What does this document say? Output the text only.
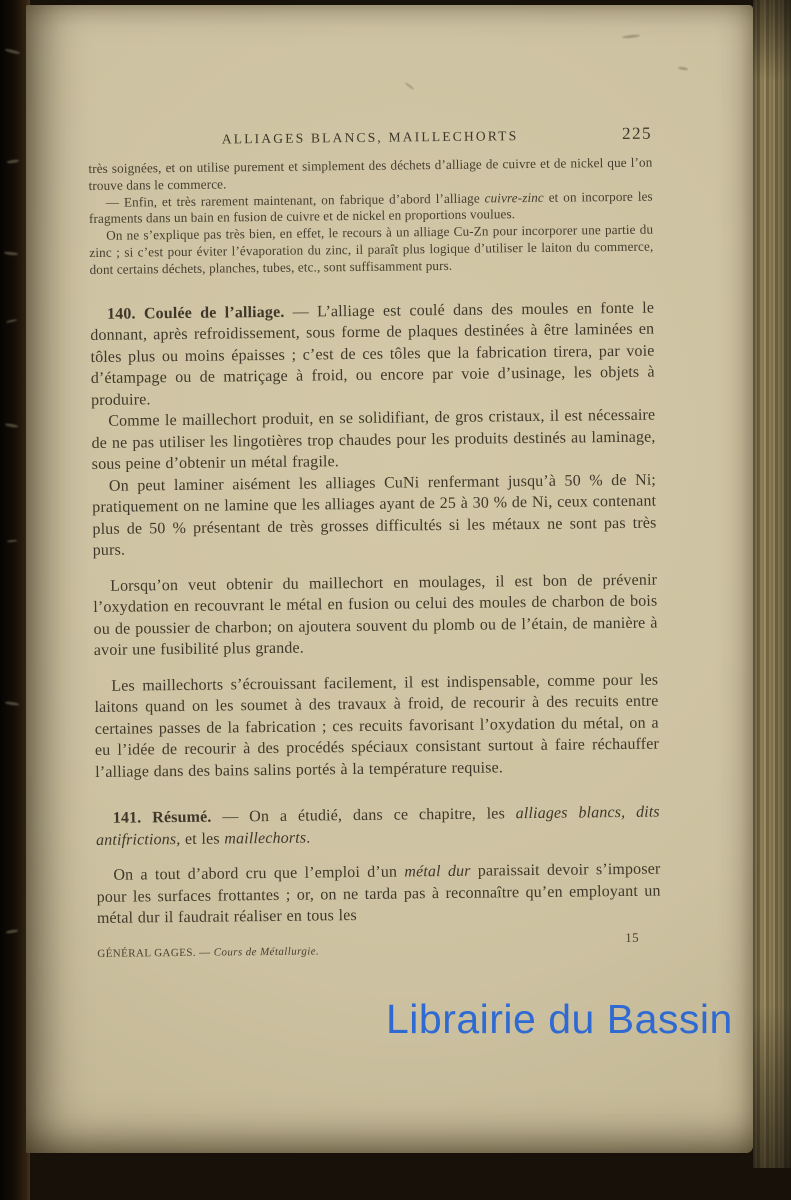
ALLIAGES BLANCS, MAILLECHORTS	225

très soignées, et on utilise purement et simplement des déchets d’alliage de cuivre et de nickel que l’on trouve dans le commerce.

— Enfin, et très rarement maintenant, on fabrique d’abord l’alliage cuivre-zinc et on incorpore les fragments dans un bain en fusion de cuivre et de nickel en proportions voulues.

On ne s’explique pas très bien, en effet, le recours à un alliage Cu-Zn pour incorporer une partie du zinc ; si c’est pour éviter l’évaporation du zinc, il paraît plus logique d’utiliser le laiton du commerce, dont certains déchets, planches, tubes, etc., sont suffisamment purs.

140. Coulée de l’alliage. — L’alliage est coulé dans des moules en fonte le donnant, après refroidissement, sous forme de plaques destinées à être laminées en tôles plus ou moins épaisses ; c’est de ces tôles que la fabrication tirera, par voie d’étampage ou de matriçage à froid, ou encore par voie d’usinage, les objets à produire.

Comme le maillechort produit, en se solidifiant, de gros cristaux, il est nécessaire de ne pas utiliser les lingotières trop chaudes pour les produits destinés au laminage, sous peine d’obtenir un métal fragile.

On peut laminer aisément les alliages CuNi renfermant jusqu’à 50 % de Ni; pratiquement on ne lamine que les alliages ayant de 25 à 30 % de Ni, ceux contenant plus de 50 % présentant de très grosses difficultés si les métaux ne sont pas très purs.

Lorsqu’on veut obtenir du maillechort en moulages, il est bon de prévenir l’oxydation en recouvrant le métal en fusion ou celui des moules de charbon de bois ou de poussier de charbon; on ajoutera souvent du plomb ou de l’étain, de manière à avoir une fusibilité plus grande.

Les maillechorts s’écrouissant facilement, il est indispensable, comme pour les laitons quand on les soumet à des travaux à froid, de recourir à des recuits entre certaines passes de la fabrication ; ces recuits favorisant l’oxydation du métal, on a eu l’idée de recourir à des procédés spéciaux consistant surtout à faire réchauffer l’alliage dans des bains salins portés à la température requise.

141. Résumé. — On a étudié, dans ce chapitre, les alliages blancs, dits antifrictions, et les maillechorts.

On a tout d’abord cru que l’emploi d’un métal dur paraissait devoir s’imposer pour les surfaces frottantes ; or, on ne tarda pas à reconnaître qu’en employant un métal dur il faudrait réaliser en tous les

GÉNÉRAL GAGES. — Cours de Métallurgie.
15
Librairie du Bassin
